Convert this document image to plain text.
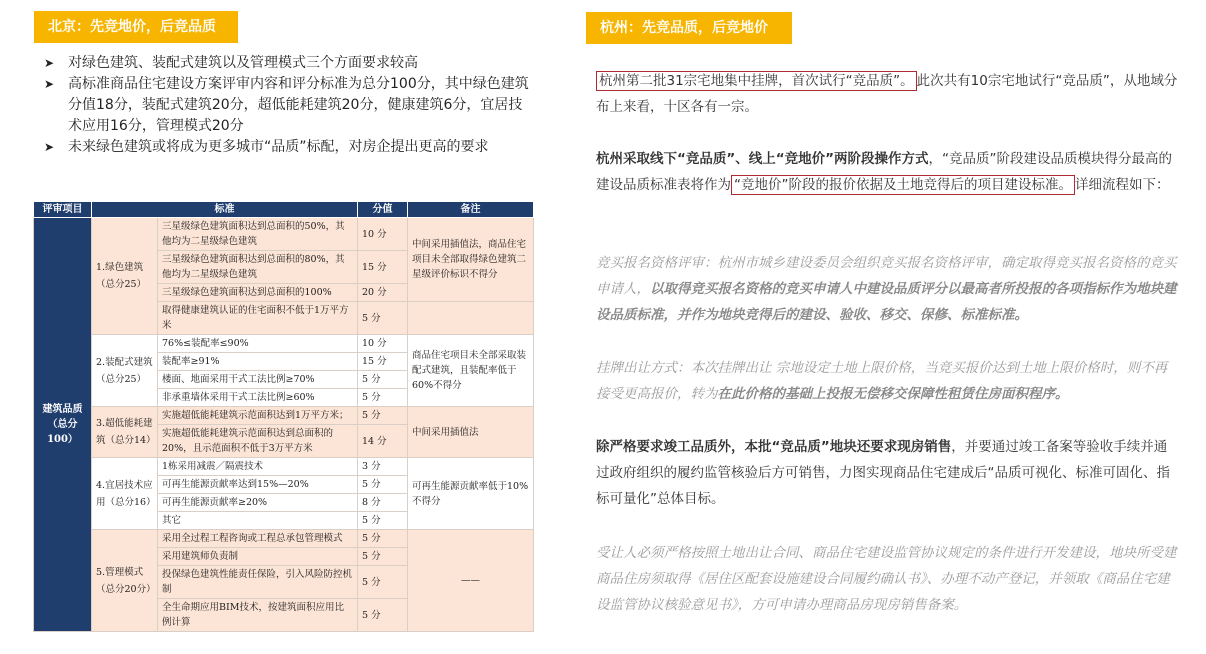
北京：先竞地价，后竞品质
➤ 对绿色建筑、装配式建筑以及管理模式三个方面要求较高
➤ 高标准商品住宅建设方案评审内容和评分标准为总分100分，其中绿色建筑分值18分，装配式建筑20分，超低能耗建筑20分，健康建筑6分，宜居技术应用16分，管理模式20分
➤ 未来绿色建筑或将成为更多城市“品质”标配，对房企提出更高的要求
评审项目	标准		分值	备注
建筑品质（总分100）	1.绿色建筑（总分25）	三星级绿色建筑面积达到总面积的50%，其他均为二星级绿色建筑	10 分	中间采用插值法，商品住宅项目未全部取得绿色建筑二星级评价标识不得分
		三星级绿色建筑面积达到总面积的80%，其他均为二星级绿色建筑	15 分	
		三星级绿色建筑面积达到总面积的100%	20 分	
		取得健康建筑认证的住宅面积不低于1万平方米	5 分	
	2.装配式建筑（总分25）	76%≤装配率≤90%	10 分	商品住宅项目未全部采取装配式建筑，且装配率低于60%不得分
		装配率≥91%	15 分	
		楼面、地面采用干式工法比例≥70%	5 分	
		非承重墙体采用干式工法比例≥60%	5 分	
	3.超低能耗建筑（总分14）	实施超低能耗建筑示范面积达到1万平方米；	5 分	中间采用插值法
		实施超低能耗建筑示范面积达到总面积的20%，且示范面积不低于3万平方米	14 分	
	4.宜居技术应用（总分16）	1栋采用减震／隔震技术	3 分	可再生能源贡献率低于10%不得分
		可再生能源贡献率达到15%—20%	5 分	
		可再生能源贡献率≥20%	8 分	
		其它	5 分	
	5.管理模式（总分20分）	采用全过程工程咨询或工程总承包管理模式	5 分	——
		采用建筑师负责制	5 分	
		投保绿色建筑性能责任保险，引入风险防控机制	5 分	
		全生命期应用BIM技术，按建筑面积应用比例计算	5 分	
杭州：先竞品质，后竞地价

杭州第二批31宗宅地集中挂牌，首次试行“竞品质”。 此次共有10宗宅地试行“竞品质”，从地域分布上来看，十区各有一宗。

杭州采取线下“竞品质”、线上“竞地价”两阶段操作方式，“竞品质”阶段建设品质模块得分最高的建设品质标准表将作为 “竞地价”阶段的报价依据及土地竞得后的项目建设标准。 详细流程如下：

竞买报名资格评审：杭州市城乡建设委员会组织竞买报名资格评审，确定取得竞买报名资格的竞买申请人，以取得竞买报名资格的竞买申请人中建设品质评分以最高者所投报的各项指标作为地块建设品质标准，并作为地块竞得后的建设、验收、移交、保修、标准标准。

挂牌出让方式：本次挂牌出让 宗地设定土地上限价格，当竞买报价达到土地上限价格时，则不再接受更高报价，转为在此价格的基础上投报无偿移交保障性租赁住房面积程序。

除严格要求竣工品质外，本批“竞品质”地块还要求现房销售，并要通过竣工备案等验收手续并通过政府组织的履约监管核验后方可销售，力图实现商品住宅建成后“品质可视化、标准可固化、指标可量化”总体目标。

受让人必须严格按照土地出让合同、商品住宅建设监管协议规定的条件进行开发建设，地块所受建商品住房须取得《居住区配套设施建设合同履约确认书》、办理不动产登记，并领取《商品住宅建设监管协议核验意见书》，方可申请办理商品房现房销售备案。
